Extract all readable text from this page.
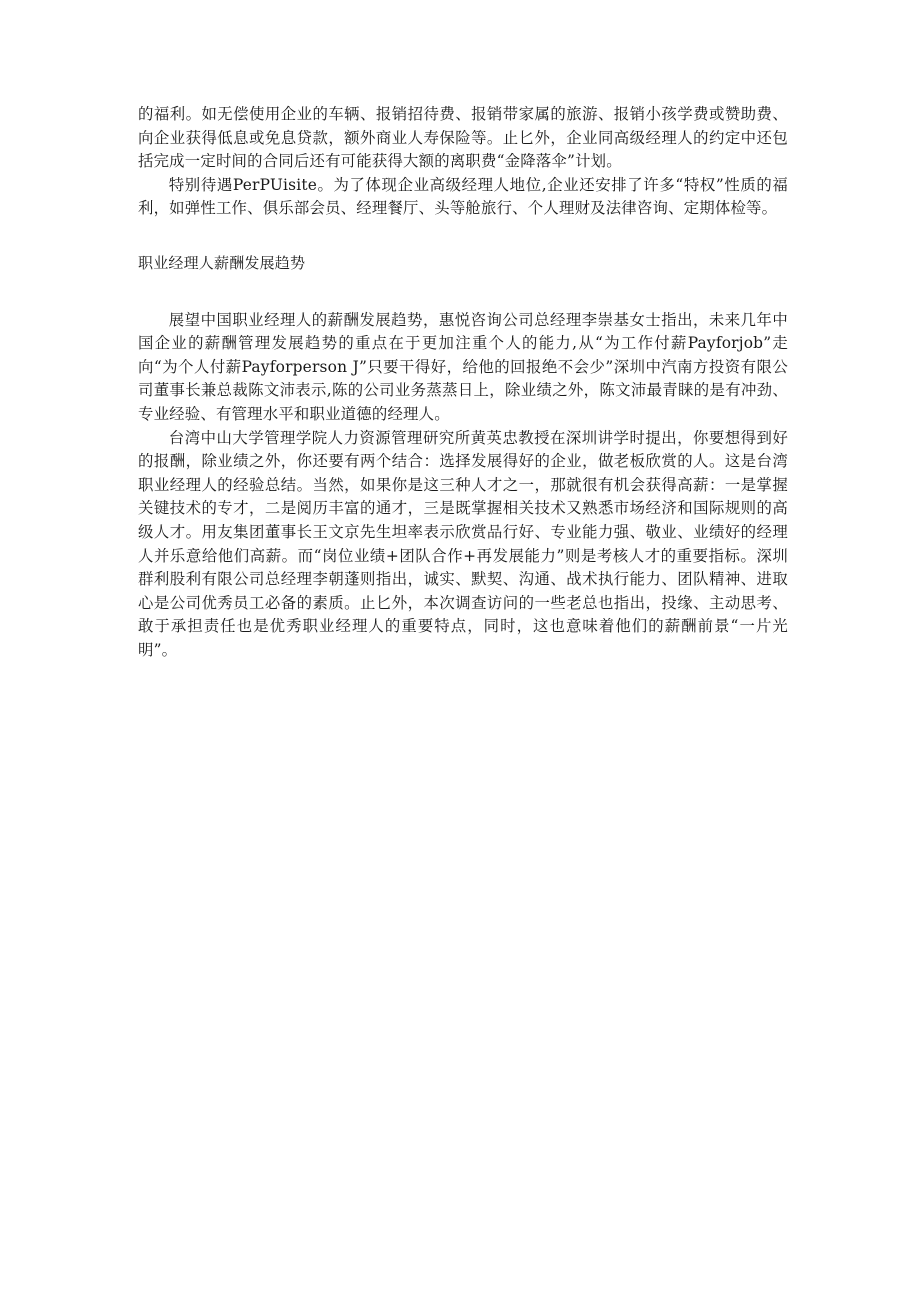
的福利。如无偿使用企业的车辆、报销招待费、报销带家属的旅游、报销小孩学费或赞助费、向企业获得低息或免息贷款，额外商业人寿保险等。止匕外，企业同高级经理人的约定中还包括完成一定时间的合同后还有可能获得大额的离职费“金降落伞”计划。

特别待遇PerPUisite。为了体现企业高级经理人地位,企业还安排了许多“特权”性质的福利，如弹性工作、俱乐部会员、经理餐厅、头等舱旅行、个人理财及法律咨询、定期体检等。

职业经理人薪酬发展趋势

展望中国职业经理人的薪酬发展趋势，惠悦咨询公司总经理李崇基女士指出，未来几年中国企业的薪酬管理发展趋势的重点在于更加注重个人的能力,从“为工作付薪Payforjob”走向“为个人付薪Payforperson J”只要干得好，给他的回报绝不会少”深圳中汽南方投资有限公司董事长兼总裁陈文沛表示,陈的公司业务蒸蒸日上，除业绩之外，陈文沛最青睐的是有冲劲、专业经验、有管理水平和职业道德的经理人。

台湾中山大学管理学院人力资源管理研究所黄英忠教授在深圳讲学时提出，你要想得到好的报酬，除业绩之外，你还要有两个结合：选择发展得好的企业，做老板欣赏的人。这是台湾职业经理人的经验总结。当然，如果你是这三种人才之一，那就很有机会获得高薪：一是掌握关键技术的专才，二是阅历丰富的通才，三是既掌握相关技术又熟悉市场经济和国际规则的高级人才。用友集团董事长王文京先生坦率表示欣赏品行好、专业能力强、敬业、业绩好的经理人并乐意给他们高薪。而“岗位业绩+团队合作+再发展能力”则是考核人才的重要指标。深圳群利股利有限公司总经理李朝蓬则指出，诚实、默契、沟通、战术执行能力、团队精神、进取心是公司优秀员工必备的素质。止匕外，本次调查访问的一些老总也指出，投缘、主动思考、敢于承担责任也是优秀职业经理人的重要特点，同时，这也意味着他们的薪酬前景“一片光明”。
